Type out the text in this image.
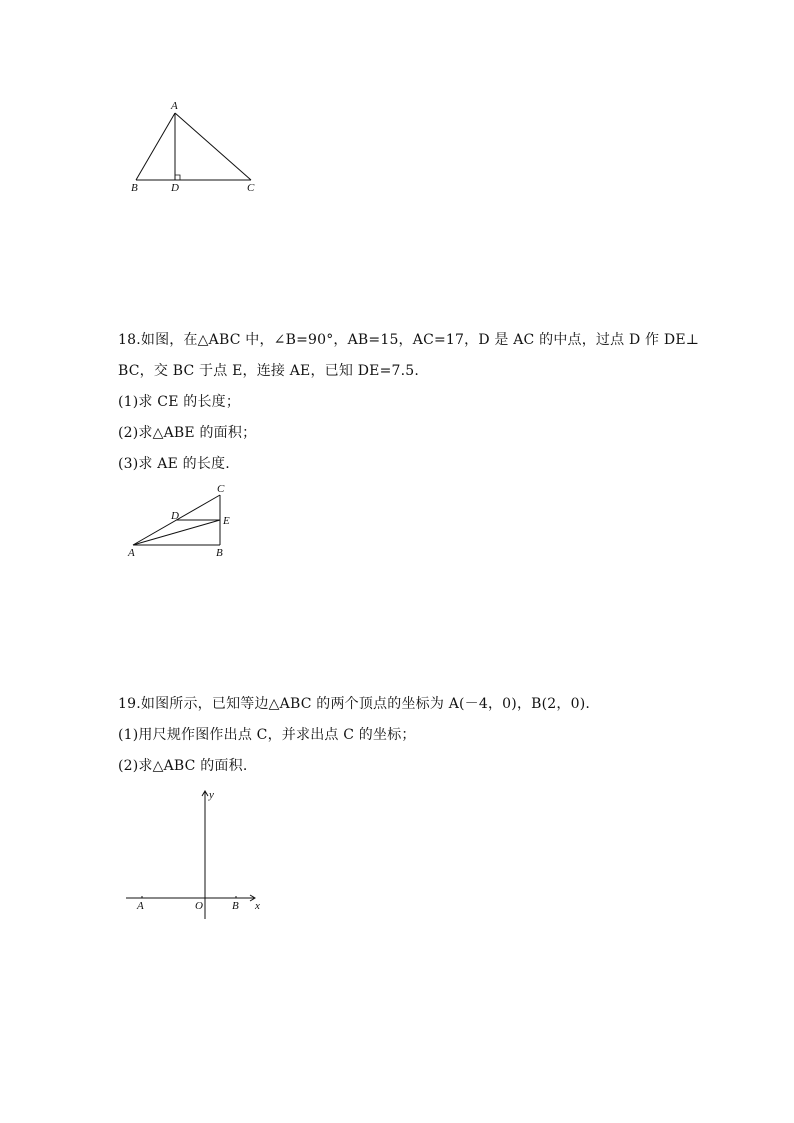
A
B	D	C
18.如图，在△ABC 中，∠B=90°，AB=15，AC=17，D 是 AC 的中点，过点 D 作 DE⊥
BC，交 BC 于点 E，连接 AE，已知 DE=7.5.
(1)求 CE 的长度；
(2)求△ABE 的面积；
(3)求 AE 的长度.
C
D	E
A	B
19.如图所示，已知等边△ABC 的两个顶点的坐标为 A(－4，0)，B(2，0).
(1)用尺规作图作出点 C，并求出点 C 的坐标；
(2)求△ABC 的面积.
y
A	O	B x
